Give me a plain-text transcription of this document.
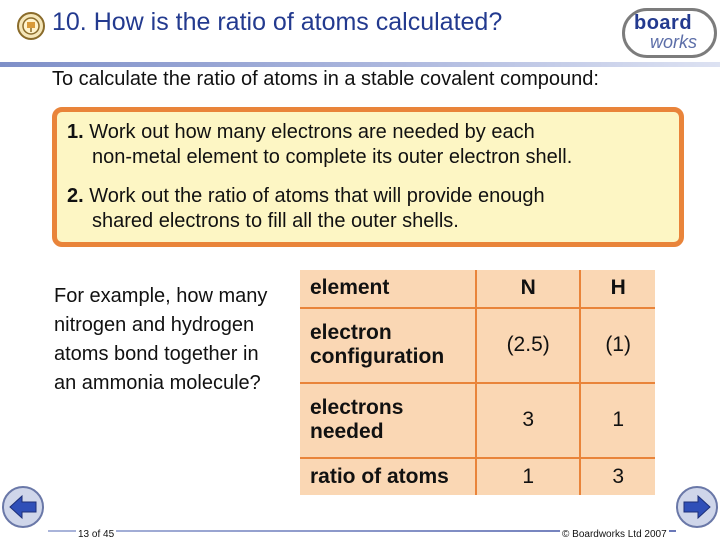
10. How is the ratio of atoms calculated?	board
works
To calculate the ratio of atoms in a stable covalent compound:
1. Work out how many electrons are needed by each
non-metal element to complete its outer electron shell.
2. Work out the ratio of atoms that will provide enough
shared electrons to fill all the outer shells.
For example, how many nitrogen and hydrogen atoms bond together in an ammonia molecule?
element	N	H
electron configuration	(2.5)	(1)
electrons needed	3	1
ratio of atoms	1	3
13 of 45	© Boardworks Ltd 2007
